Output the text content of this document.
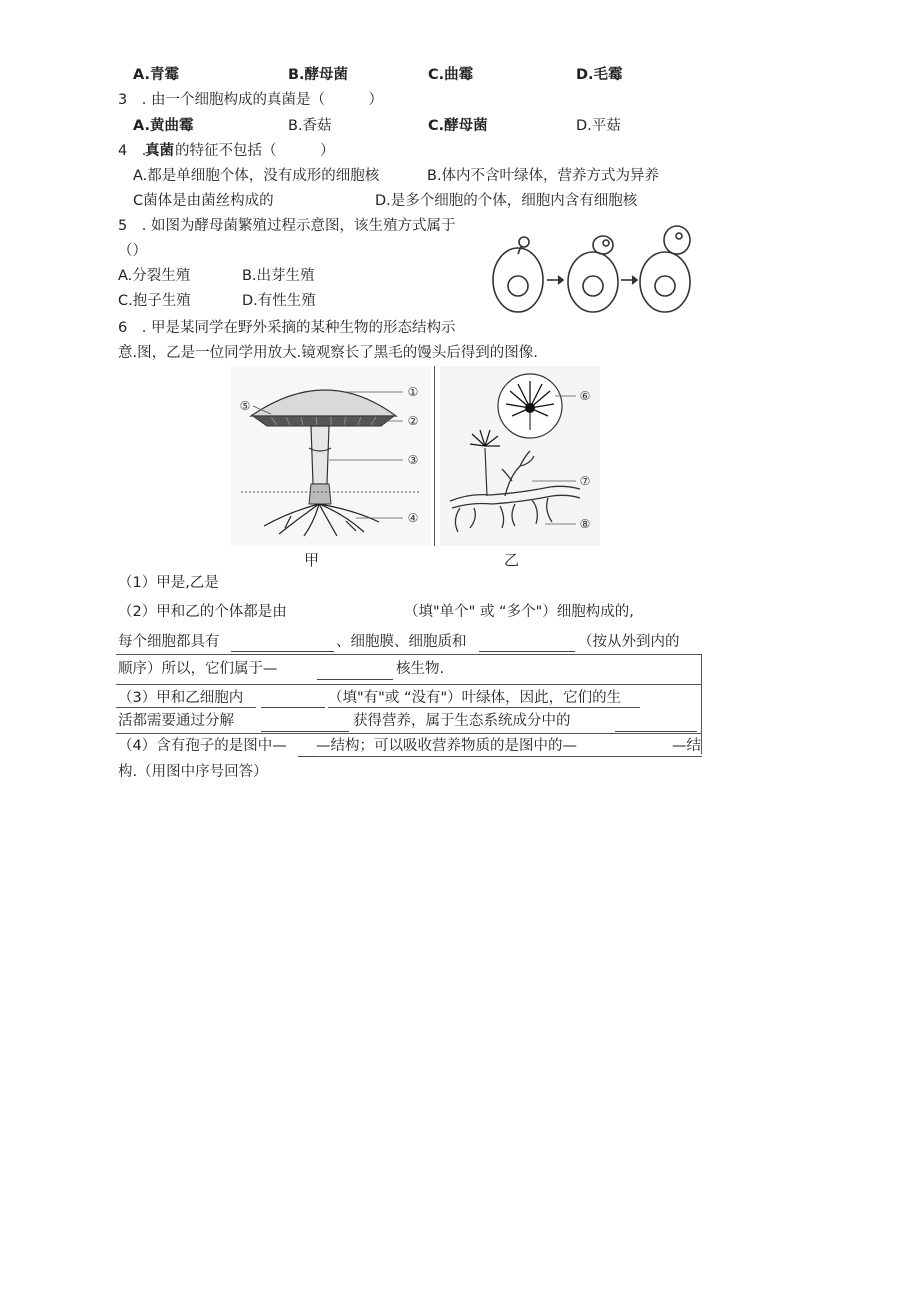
A.青霉	B.酵母菌	C.曲霉	D.毛霉
3　. 由一个细胞构成的真菌是（　　　）
A.黄曲霉	B.香菇	C.酵母菌	D.平菇
4　.
真菌 的特征不包括（　　　）
A.都是单细胞个体，没有成形的细胞核	B.体内不含叶绿体，营养方式为异养
C菌体是由菌丝构成的	D.是多个细胞的个体，细胞内含有细胞核
5　. 如图为酵母菌繁殖过程示意图，该生殖方式属于
（）
A.分裂生殖	B.出芽生殖
C.抱子生殖	D.有性生殖
6　. 甲是某同学在野外采摘的某种生物的形态结构示
意.图，乙是一位同学用放大.镜观察长了黑毛的馒头后得到的图像.
①
②
③
④
⑤
甲
⑥
⑦
⑧
乙
（1）甲是,乙是
（2）甲和乙的个体都是由	（填"单个" 或 “多个"）细胞构成的,
每个细胞都具有	、细胞膜、细胞质和	（按从外到内的
顺序）所以，它们属于—	核生物.
（3）甲和乙细胞内	（填"有"或 “没有"）叶绿体，因此，它们的生
活都需要通过分解	获得营养，属于生态系统成分中的
（4）含有孢子的是图中— —结构；可以吸收营养物质的是图中的—	—结
构.（用图中序号回答）
